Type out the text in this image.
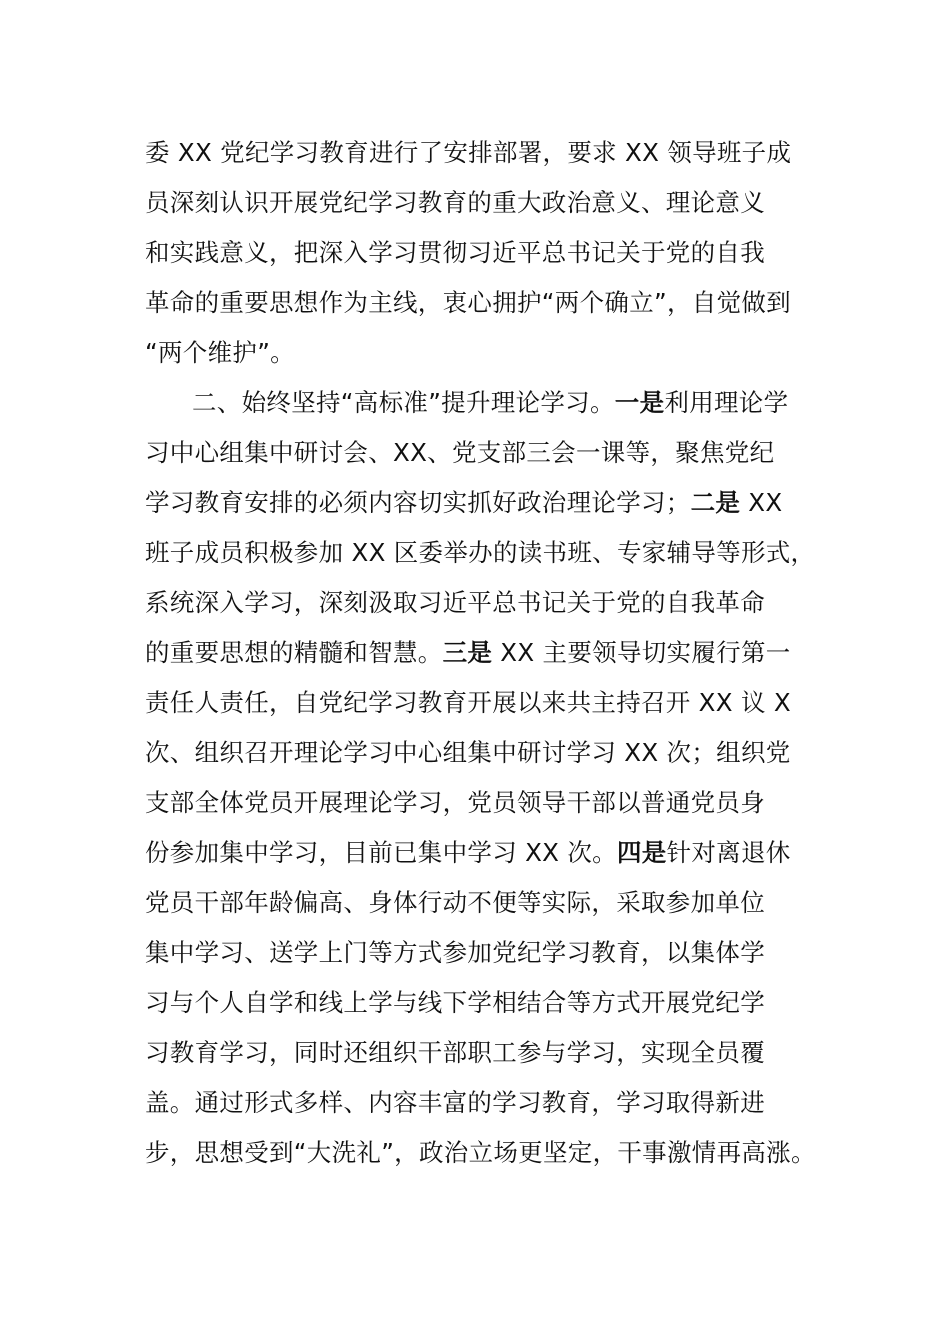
委 XX 党纪学习教育进行了安排部署，要求 XX 领导班子成
员深刻认识开展党纪学习教育的重大政治意义、理论意义
和实践意义，把深入学习贯彻习近平总书记关于党的自我
革命的重要思想作为主线，衷心拥护“两个确立”，自觉做到
“两个维护”。
二、始终坚持“高标准”提升理论学习。一是利用理论学
习中心组集中研讨会、XX、党支部三会一课等，聚焦党纪
学习教育安排的必须内容切实抓好政治理论学习；二是 XX
班子成员积极参加 XX 区委举办的读书班、专家辅导等形式，
系统深入学习，深刻汲取习近平总书记关于党的自我革命
的重要思想的精髓和智慧。三是 XX 主要领导切实履行第一
责任人责任，自党纪学习教育开展以来共主持召开 XX 议 X
次、组织召开理论学习中心组集中研讨学习 XX 次；组织党
支部全体党员开展理论学习，党员领导干部以普通党员身
份参加集中学习，目前已集中学习 XX 次。四是针对离退休
党员干部年龄偏高、身体行动不便等实际，采取参加单位
集中学习、送学上门等方式参加党纪学习教育，以集体学
习与个人自学和线上学与线下学相结合等方式开展党纪学
习教育学习，同时还组织干部职工参与学习，实现全员覆
盖。通过形式多样、内容丰富的学习教育，学习取得新进
步，思想受到“大洗礼”，政治立场更坚定，干事激情再高涨。
